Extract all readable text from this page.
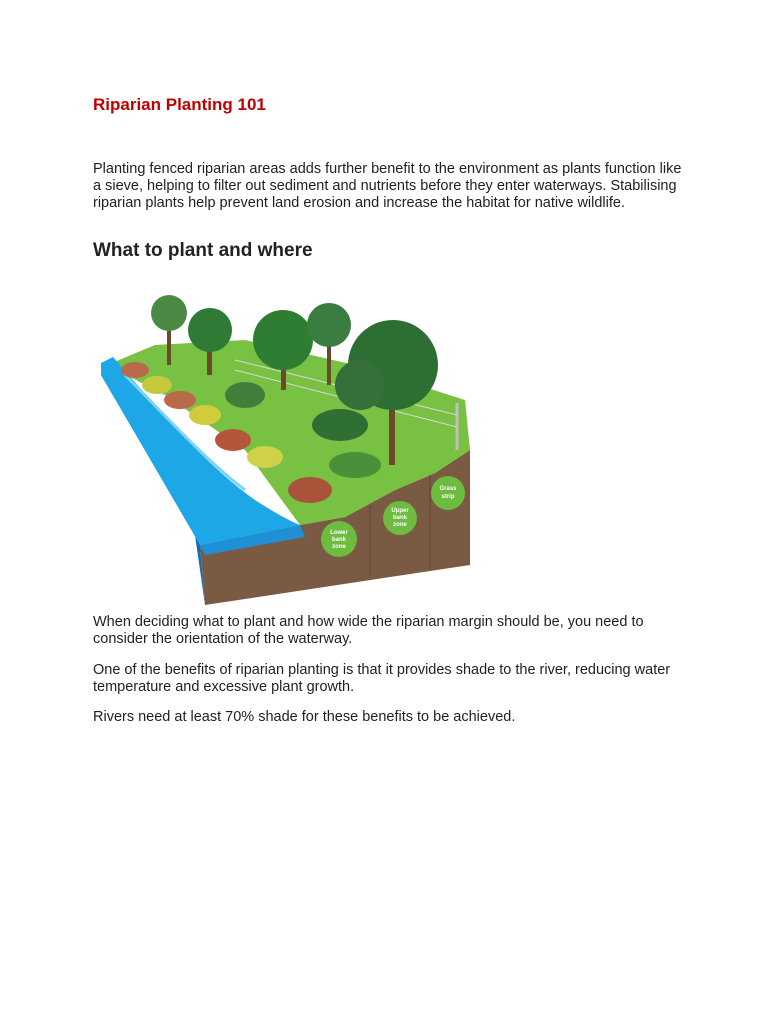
Riparian Planting 101

Planting fenced riparian areas adds further benefit to the environment as plants function like a sieve, helping to filter out sediment and nutrients before they enter waterways. Stabilising riparian plants help prevent land erosion and increase the habitat for native wildlife.

What to plant and where
Lower
bank
zone
Upper
bank
zone
Grass
strip

When deciding what to plant and how wide the riparian margin should be, you need to consider the orientation of the waterway.

One of the benefits of riparian planting is that it provides shade to the river, reducing water temperature and excessive plant growth.

Rivers need at least 70% shade for these benefits to be achieved.
